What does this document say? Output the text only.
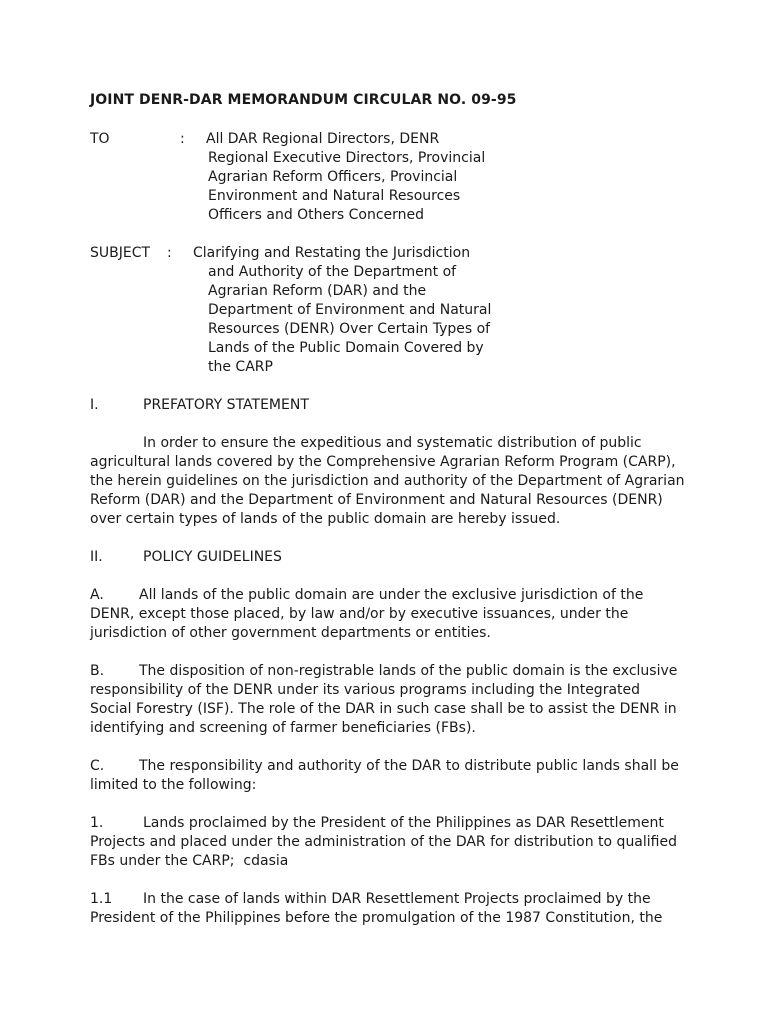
JOINT DENR-DAR MEMORANDUM CIRCULAR NO. 09-95
TO	: All DAR Regional Directors, DENR
Regional Executive Directors, Provincial
Agrarian Reform Officers, Provincial
Environment and Natural Resources
Officers and Others Concerned
SUBJECT : Clarifying and Restating the Jurisdiction
and Authority of the Department of
Agrarian Reform (DAR) and the
Department of Environment and Natural
Resources (DENR) Over Certain Types of
Lands of the Public Domain Covered by
the CARP
I.	PREFATORY STATEMENT
In order to ensure the expeditious and systematic distribution of public
agricultural lands covered by the Comprehensive Agrarian Reform Program (CARP),
the herein guidelines on the jurisdiction and authority of the Department of Agrarian
Reform (DAR) and the Department of Environment and Natural Resources (DENR)
over certain types of lands of the public domain are hereby issued.
II.	POLICY GUIDELINES
A.	All lands of the public domain are under the exclusive jurisdiction of the
DENR, except those placed, by law and/or by executive issuances, under the
jurisdiction of other government departments or entities.
B. The disposition of non-registrable lands of the public domain is the exclusive
responsibility of the DENR under its various programs including the Integrated
Social Forestry (ISF). The role of the DAR in such case shall be to assist the DENR in
identifying and screening of farmer beneficiaries (FBs).
C. The responsibility and authority of the DAR to distribute public lands shall be
limited to the following:
1.	Lands proclaimed by the President of the Philippines as DAR Resettlement
Projects and placed under the administration of the DAR for distribution to qualified
FBs under the CARP;  cdasia
1.1 In the case of lands within DAR Resettlement Projects proclaimed by the
President of the Philippines before the promulgation of the 1987 Constitution, the
